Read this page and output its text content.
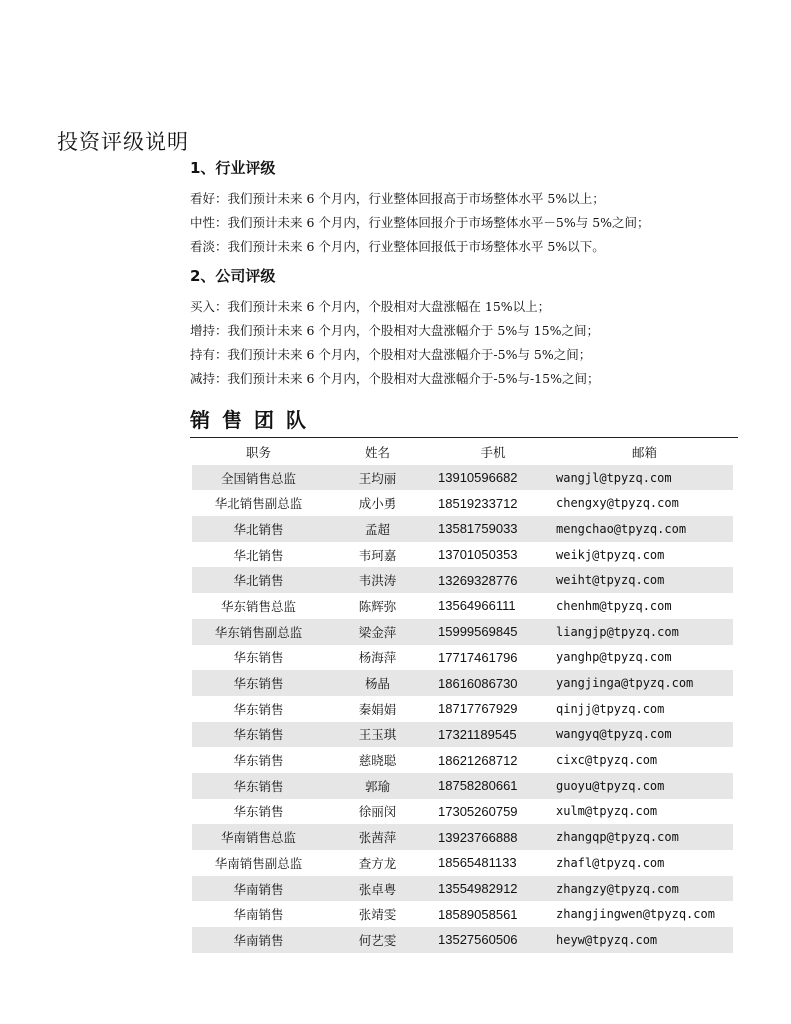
投资评级说明
1、行业评级
看好：我们预计未来 6 个月内，行业整体回报高于市场整体水平 5%以上；
中性：我们预计未来 6 个月内，行业整体回报介于市场整体水平－5%与 5%之间；
看淡：我们预计未来 6 个月内，行业整体回报低于市场整体水平 5%以下。
2、公司评级
买入：我们预计未来 6 个月内，个股相对大盘涨幅在 15%以上；
增持：我们预计未来 6 个月内，个股相对大盘涨幅介于 5%与 15%之间；
持有：我们预计未来 6 个月内，个股相对大盘涨幅介于-5%与 5%之间；
减持：我们预计未来 6 个月内，个股相对大盘涨幅介于-5%与-15%之间；
销售团队
职务	姓名	手机	邮箱
全国销售总监	王均丽	13910596682	wangjl@tpyzq.com
华北销售副总监	成小勇	18519233712	chengxy@tpyzq.com
华北销售	孟超	13581759033	mengchao@tpyzq.com
华北销售	韦珂嘉	13701050353	weikj@tpyzq.com
华北销售	韦洪涛	13269328776	weiht@tpyzq.com
华东销售总监	陈辉弥	13564966111	chenhm@tpyzq.com
华东销售副总监	梁金萍	15999569845	liangjp@tpyzq.com
华东销售	杨海萍	17717461796	yanghp@tpyzq.com
华东销售	杨晶	18616086730	yangjinga@tpyzq.com
华东销售	秦娟娟	18717767929	qinjj@tpyzq.com
华东销售	王玉琪	17321189545	wangyq@tpyzq.com
华东销售	慈晓聪	18621268712	cixc@tpyzq.com
华东销售	郭瑜	18758280661	guoyu@tpyzq.com
华东销售	徐丽闵	17305260759	xulm@tpyzq.com
华南销售总监	张茜萍	13923766888	zhangqp@tpyzq.com
华南销售副总监	查方龙	18565481133	zhafl@tpyzq.com
华南销售	张卓粤	13554982912	zhangzy@tpyzq.com
华南销售	张靖雯	18589058561	zhangjingwen@tpyzq.com
华南销售	何艺雯	13527560506	heyw@tpyzq.com
